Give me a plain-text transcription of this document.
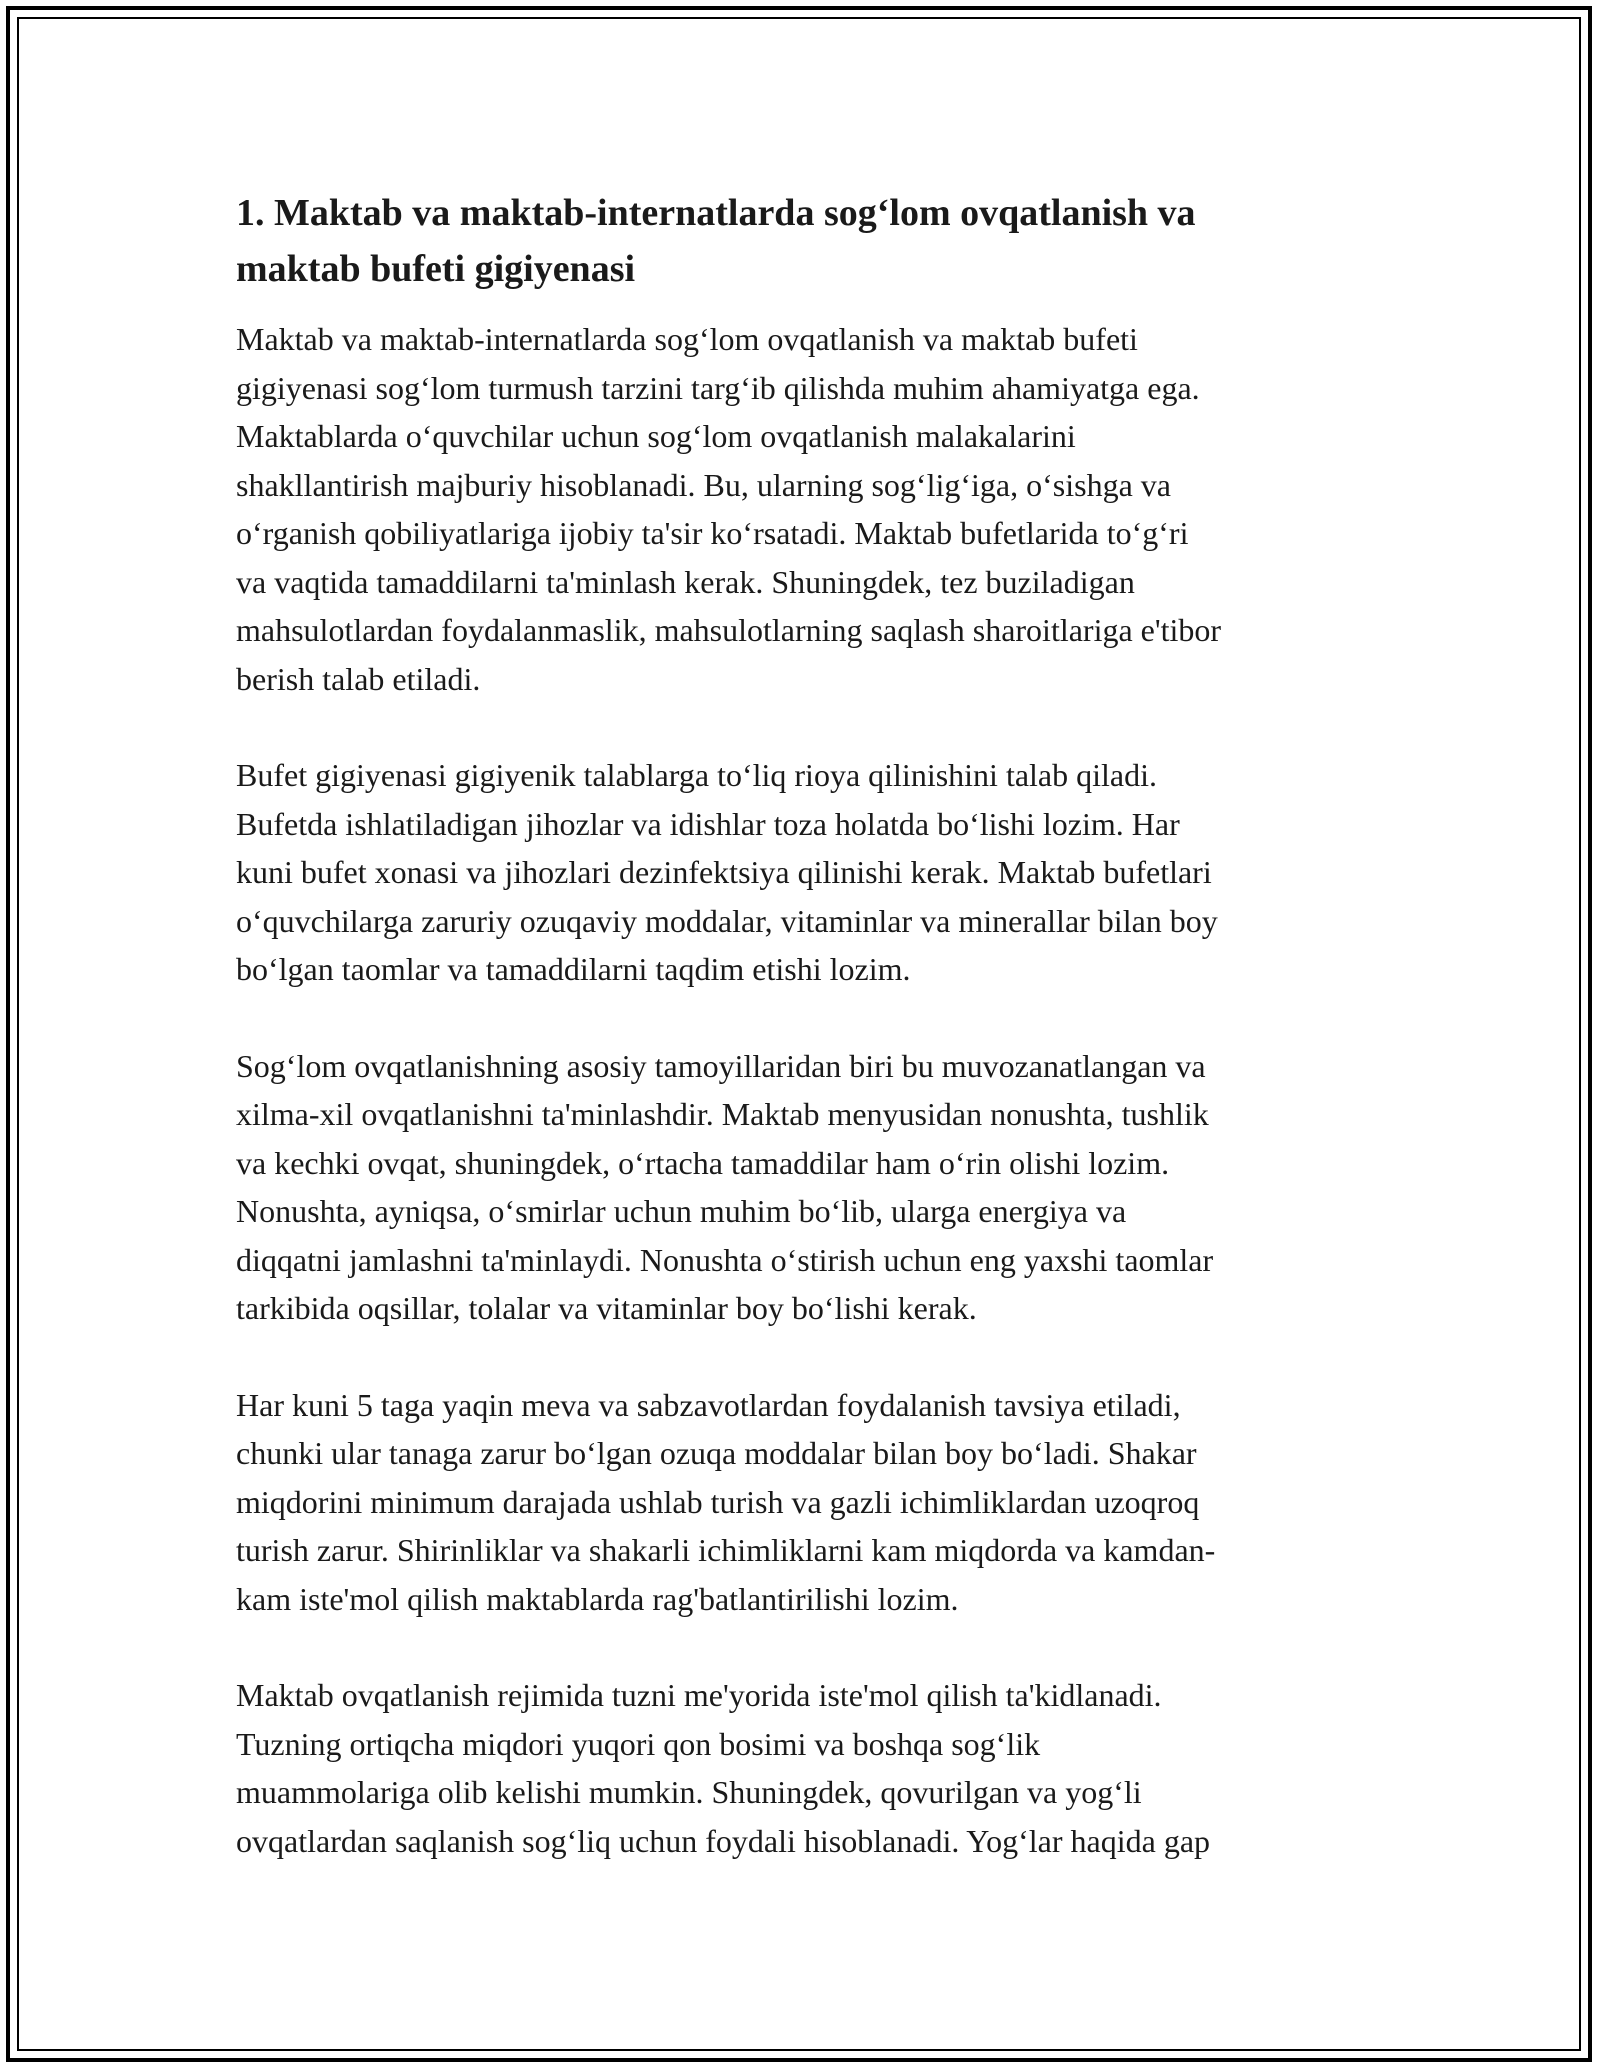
1. Maktab va maktab-internatlarda sog‘lom ovqatlanish va
maktab bufeti gigiyenasi

Maktab va maktab-internatlarda sog‘lom ovqatlanish va maktab bufeti
gigiyenasi sog‘lom turmush tarzini targ‘ib qilishda muhim ahamiyatga ega.
Maktablarda o‘quvchilar uchun sog‘lom ovqatlanish malakalarini
shakllantirish majburiy hisoblanadi. Bu, ularning sog‘lig‘iga, o‘sishga va
o‘rganish qobiliyatlariga ijobiy ta'sir ko‘rsatadi. Maktab bufetlarida to‘g‘ri
va vaqtida tamaddilarni ta'minlash kerak. Shuningdek, tez buziladigan
mahsulotlardan foydalanmaslik, mahsulotlarning saqlash sharoitlariga e'tibor
berish talab etiladi.

Bufet gigiyenasi gigiyenik talablarga to‘liq rioya qilinishini talab qiladi.
Bufetda ishlatiladigan jihozlar va idishlar toza holatda bo‘lishi lozim. Har
kuni bufet xonasi va jihozlari dezinfektsiya qilinishi kerak. Maktab bufetlari
o‘quvchilarga zaruriy ozuqaviy moddalar, vitaminlar va minerallar bilan boy
bo‘lgan taomlar va tamaddilarni taqdim etishi lozim.

Sog‘lom ovqatlanishning asosiy tamoyillaridan biri bu muvozanatlangan va
xilma-xil ovqatlanishni ta'minlashdir. Maktab menyusidan nonushta, tushlik
va kechki ovqat, shuningdek, o‘rtacha tamaddilar ham o‘rin olishi lozim.
Nonushta, ayniqsa, o‘smirlar uchun muhim bo‘lib, ularga energiya va
diqqatni jamlashni ta'minlaydi. Nonushta o‘stirish uchun eng yaxshi taomlar
tarkibida oqsillar, tolalar va vitaminlar boy bo‘lishi kerak.

Har kuni 5 taga yaqin meva va sabzavotlardan foydalanish tavsiya etiladi,
chunki ular tanaga zarur bo‘lgan ozuqa moddalar bilan boy bo‘ladi. Shakar
miqdorini minimum darajada ushlab turish va gazli ichimliklardan uzoqroq
turish zarur. Shirinliklar va shakarli ichimliklarni kam miqdorda va kamdan-
kam iste'mol qilish maktablarda rag'batlantirilishi lozim.

Maktab ovqatlanish rejimida tuzni me'yorida iste'mol qilish ta'kidlanadi.
Tuzning ortiqcha miqdori yuqori qon bosimi va boshqa sog‘lik
muammolariga olib kelishi mumkin. Shuningdek, qovurilgan va yog‘li
ovqatlardan saqlanish sog‘liq uchun foydali hisoblanadi. Yog‘lar haqida gap
